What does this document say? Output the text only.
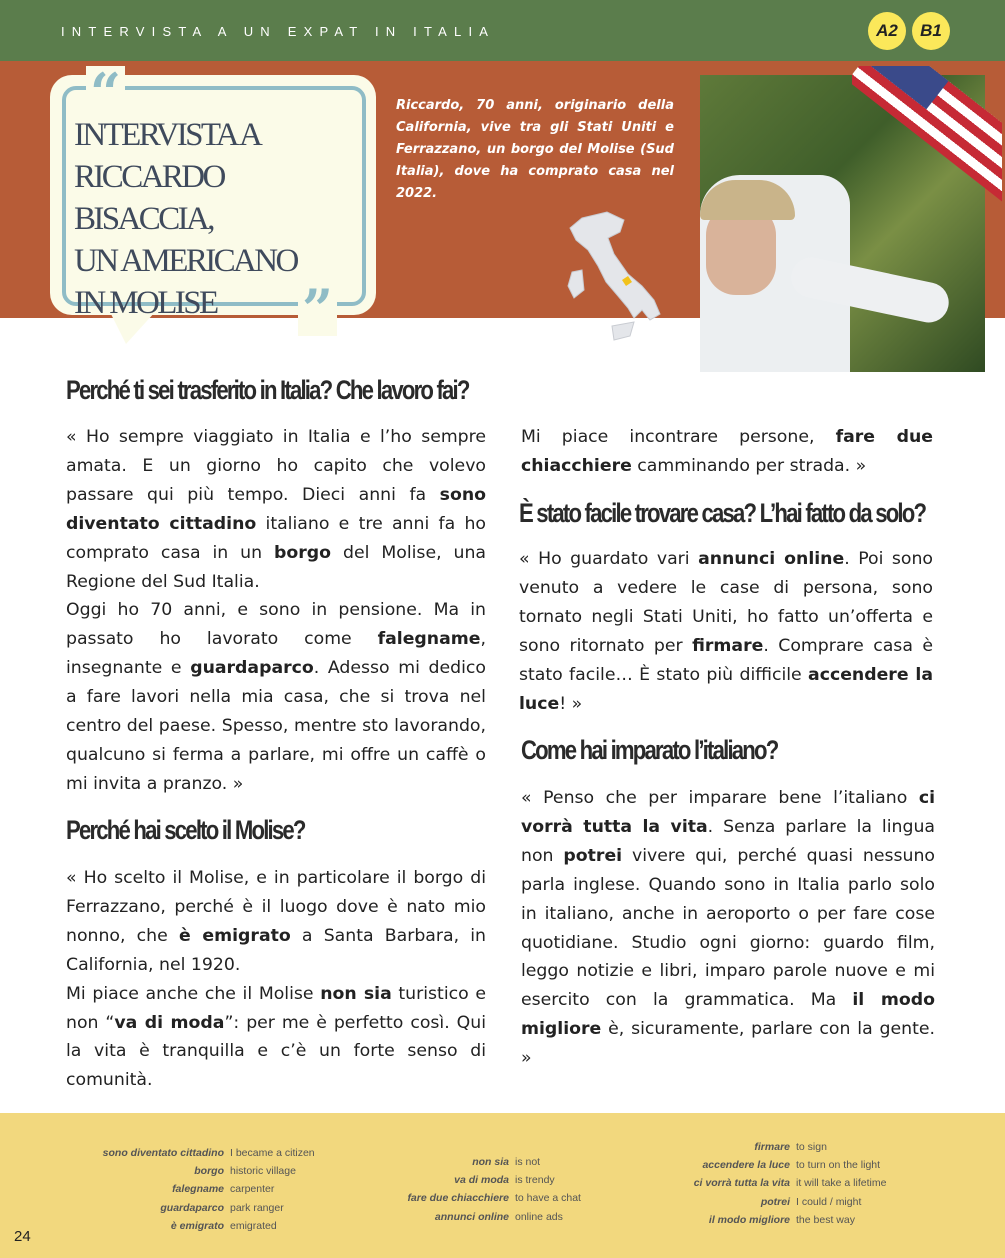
INTERVISTA A UN EXPAT IN ITALIA	A2	B1
“
”
INTERVISTA A
RICCARDO BISACCIA,
UN AMERICANO
IN MOLISE
Riccardo, 70 anni, originario della California, vive tra gli Stati Uniti e Ferrazzano, un borgo del Molise (Sud Italia), dove ha comprato casa nel 2022.
Perché ti sei trasferito in Italia? Che lavoro fai?

« Ho sempre viaggiato in Italia e l’ho sempre amata. E un giorno ho capito che volevo passare qui più tempo. Dieci anni fa sono diventato cittadino italiano e tre anni fa ho comprato casa in un borgo del Molise, una Regione del Sud Italia.

Oggi ho 70 anni, e sono in pensione. Ma in passato ho lavorato come falegname, insegnante e guardaparco. Adesso mi dedico a fare lavori nella mia casa, che si trova nel centro del paese. Spesso, mentre sto lavorando, qualcuno si ferma a parlare, mi offre un caffè o mi invita a pranzo. »

Perché hai scelto il Molise?

« Ho scelto il Molise, e in particolare il borgo di Ferrazzano, perché è il luogo dove è nato mio nonno, che è emigrato a Santa Barbara, in California, nel 1920.

Mi piace anche che il Molise non sia turistico e non “va di moda”: per me è perfetto così. Qui la vita è tranquilla e c’è un forte senso di comunità.

Mi piace incontrare persone, fare due chiacchiere camminando per strada. »

È stato facile trovare casa? L’hai fatto da solo?

« Ho guardato vari annunci online. Poi sono venuto a vedere le case di persona, sono tornato negli Stati Uniti, ho fatto un’offerta e sono ritornato per firmare. Comprare casa è stato facile… È stato più difficile accendere la luce! »

Come hai imparato l’italiano?

« Penso che per imparare bene l’italiano ci vorrà tutta la vita. Senza parlare la lingua non potrei vivere qui, perché quasi nessuno parla inglese. Quando sono in Italia parlo solo in italiano, anche in aeroporto o per fare cose quotidiane. Studio ogni giorno: guardo film, leggo notizie e libri, imparo parole nuove e mi esercito con la grammatica. Ma il modo migliore è, sicuramente, parlare con la gente. »

sono diventato cittadino I became a citizen
borgo historic village
falegname carpenter
guardaparco park ranger
è emigrato emigrated
non sia is not
va di moda is trendy
fare due chiacchiere to have a chat
annunci online online ads
firmare to sign
accendere la luce to turn on the light
ci vorrà tutta la vita it will take a lifetime
potrei I could / might
il modo migliore the best way
24
